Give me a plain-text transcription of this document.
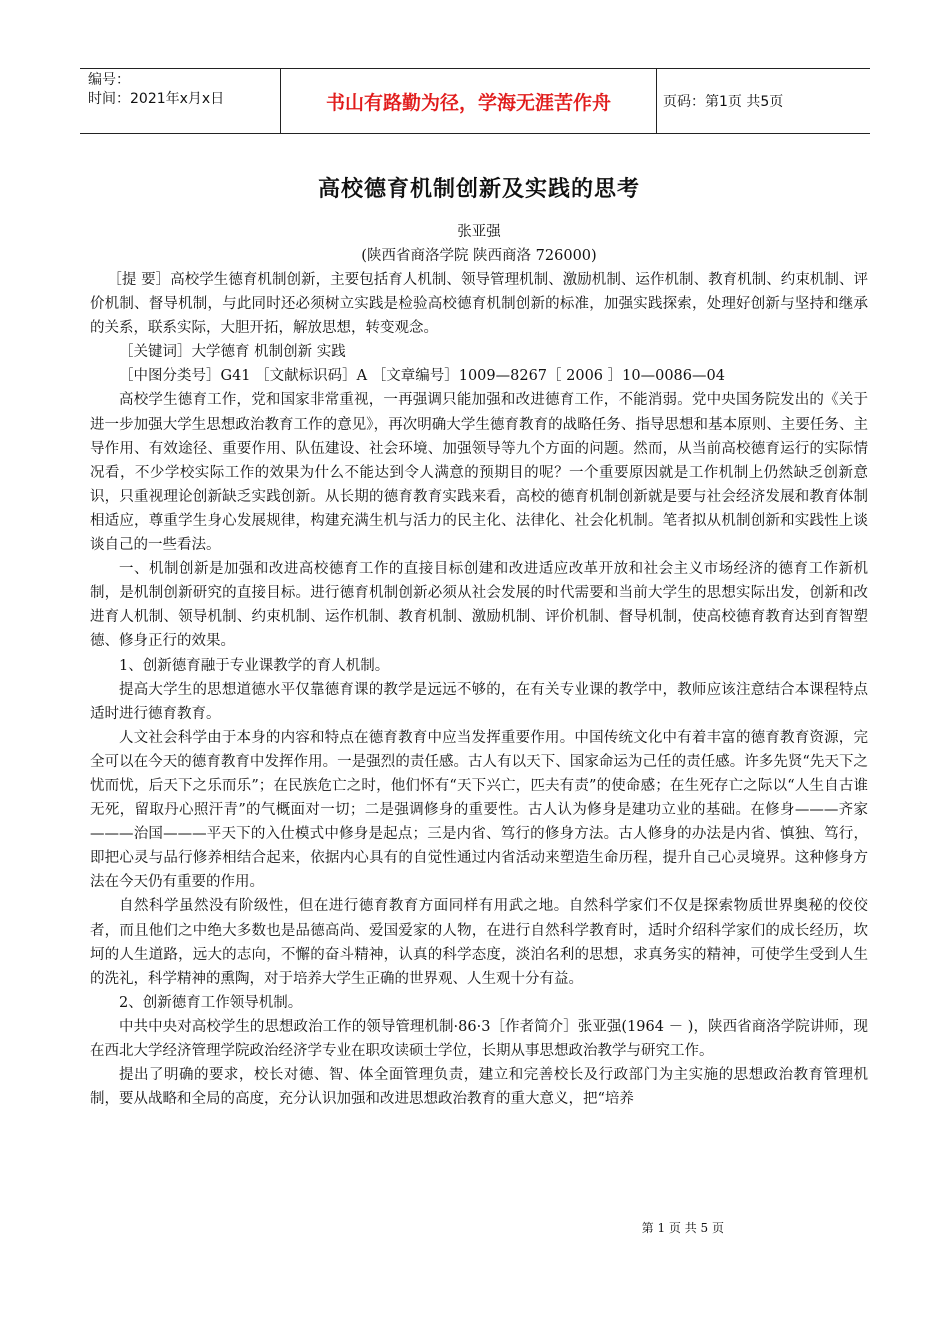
编号：
时间：2021年x月x日	书山有路勤为径，学海无涯苦作舟	页码：第1页 共5页
高校德育机制创新及实践的思考
张亚强
(陕西省商洛学院 陕西商洛 726000)

［提 要］高校学生德育机制创新，主要包括育人机制、领导管理机制、激励机制、运作机制、教育机制、约束机制、评价机制、督导机制，与此同时还必须树立实践是检验高校德育机制创新的标准，加强实践探索，处理好创新与坚持和继承的关系，联系实际，大胆开拓，解放思想，转变观念。

［关键词］大学德育 机制创新 实践

［中图分类号］G41 ［文献标识码］A ［文章编号］1009—8267［ 2006 ］10—0086—04

高校学生德育工作，党和国家非常重视，一再强调只能加强和改进德育工作，不能消弱。党中央国务院发出的《关于进一步加强大学生思想政治教育工作的意见》，再次明确大学生德育教育的战略任务、指导思想和基本原则、主要任务、主导作用、有效途径、重要作用、队伍建设、社会环境、加强领导等九个方面的问题。然而，从当前高校德育运行的实际情况看，不少学校实际工作的效果为什么不能达到令人满意的预期目的呢？一个重要原因就是工作机制上仍然缺乏创新意识，只重视理论创新缺乏实践创新。从长期的德育教育实践来看，高校的德育机制创新就是要与社会经济发展和教育体制相适应，尊重学生身心发展规律，构建充满生机与活力的民主化、法律化、社会化机制。笔者拟从机制创新和实践性上谈谈自己的一些看法。

一、机制创新是加强和改进高校德育工作的直接目标创建和改进适应改革开放和社会主义市场经济的德育工作新机制，是机制创新研究的直接目标。进行德育机制创新必须从社会发展的时代需要和当前大学生的思想实际出发，创新和改进育人机制、领导机制、约束机制、运作机制、教育机制、激励机制、评价机制、督导机制，使高校德育教育达到育智塑德、修身正行的效果。

1、创新德育融于专业课教学的育人机制。

提高大学生的思想道德水平仅靠德育课的教学是远远不够的，在有关专业课的教学中，教师应该注意结合本课程特点适时进行德育教育。

人文社会科学由于本身的内容和特点在德育教育中应当发挥重要作用。中国传统文化中有着丰富的德育教育资源，完全可以在今天的德育教育中发挥作用。一是强烈的责任感。古人有以天下、国家命运为己任的责任感。许多先贤“先天下之忧而忧，后天下之乐而乐”；在民族危亡之时，他们怀有“天下兴亡，匹夫有责”的使命感；在生死存亡之际以“人生自古谁无死，留取丹心照汗青”的气概面对一切；二是强调修身的重要性。古人认为修身是建功立业的基础。在修身———齐家———治国———平天下的入仕模式中修身是起点；三是内省、笃行的修身方法。古人修身的办法是内省、慎独、笃行，即把心灵与品行修养相结合起来，依据内心具有的自觉性通过内省活动来塑造生命历程，提升自己心灵境界。这种修身方法在今天仍有重要的作用。

自然科学虽然没有阶级性，但在进行德育教育方面同样有用武之地。自然科学家们不仅是探索物质世界奥秘的佼佼者，而且他们之中绝大多数也是品德高尚、爱国爱家的人物，在进行自然科学教育时，适时介绍科学家们的成长经历，坎坷的人生道路，远大的志向，不懈的奋斗精神，认真的科学态度，淡泊名利的思想，求真务实的精神，可使学生受到人生的洗礼，科学精神的熏陶，对于培养大学生正确的世界观、人生观十分有益。

2、创新德育工作领导机制。

中共中央对高校学生的思想政治工作的领导管理机制·86·3［作者简介］张亚强(1964 － )，陕西省商洛学院讲师，现在西北大学经济管理学院政治经济学专业在职攻读硕士学位，长期从事思想政治教学与研究工作。

提出了明确的要求，校长对德、智、体全面管理负责，建立和完善校长及行政部门为主实施的思想政治教育管理机制，要从战略和全局的高度，充分认识加强和改进思想政治教育的重大意义，把“培养

第 1 页 共 5 页
